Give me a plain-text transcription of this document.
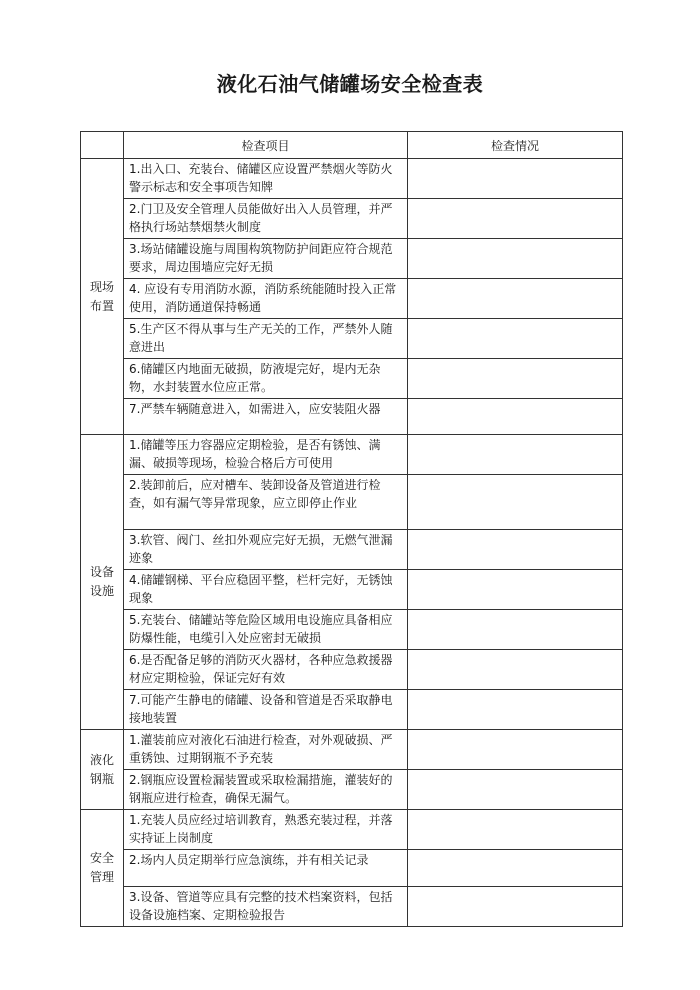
液化石油气储罐场安全检查表
	检查项目	检查情况

现场
布置	1.出入口、充装台、储罐区应设置严禁烟火等防火警示标志和安全事项告知牌	
	2.门卫及安全管理人员能做好出入人员管理，并严格执行场站禁烟禁火制度	
	3.场站储罐设施与周围构筑物防护间距应符合规范要求，周边围墙应完好无损	
	4. 应设有专用消防水源，消防系统能随时投入正常使用，消防通道保持畅通	
	5.生产区不得从事与生产无关的工作，严禁外人随意进出	
	6.储罐区内地面无破损，防液堤完好，堤内无杂物，水封装置水位应正常。	
	7.严禁车辆随意进入，如需进入，应安装阻火器	

设备
设施	1.储罐等压力容器应定期检验，是否有锈蚀、满漏、破损等现场，检验合格后方可使用	
	2.装卸前后，应对槽车、装卸设备及管道进行检查，如有漏气等异常现象，应立即停止作业	
	3.软管、阀门、丝扣外观应完好无损，无燃气泄漏迹象	
	4.储罐钢梯、平台应稳固平整，栏杆完好，无锈蚀现象	
	5.充装台、储罐站等危险区域用电设施应具备相应防爆性能，电缆引入处应密封无破损	
	6.是否配备足够的消防灭火器材，各种应急救援器材应定期检验，保证完好有效	
	7.可能产生静电的储罐、设备和管道是否采取静电接地装置	

液化
钢瓶	1.灌装前应对液化石油进行检查，对外观破损、严重锈蚀、过期钢瓶不予充装	
	2.钢瓶应设置检漏装置或采取检漏措施，灌装好的钢瓶应进行检查，确保无漏气。	

安全
管理	1.充装人员应经过培训教育，熟悉充装过程，并落实持证上岗制度	
	2.场内人员定期举行应急演练，并有相关记录	
	3.设备、管道等应具有完整的技术档案资料，包括设备设施档案、定期检验报告	
